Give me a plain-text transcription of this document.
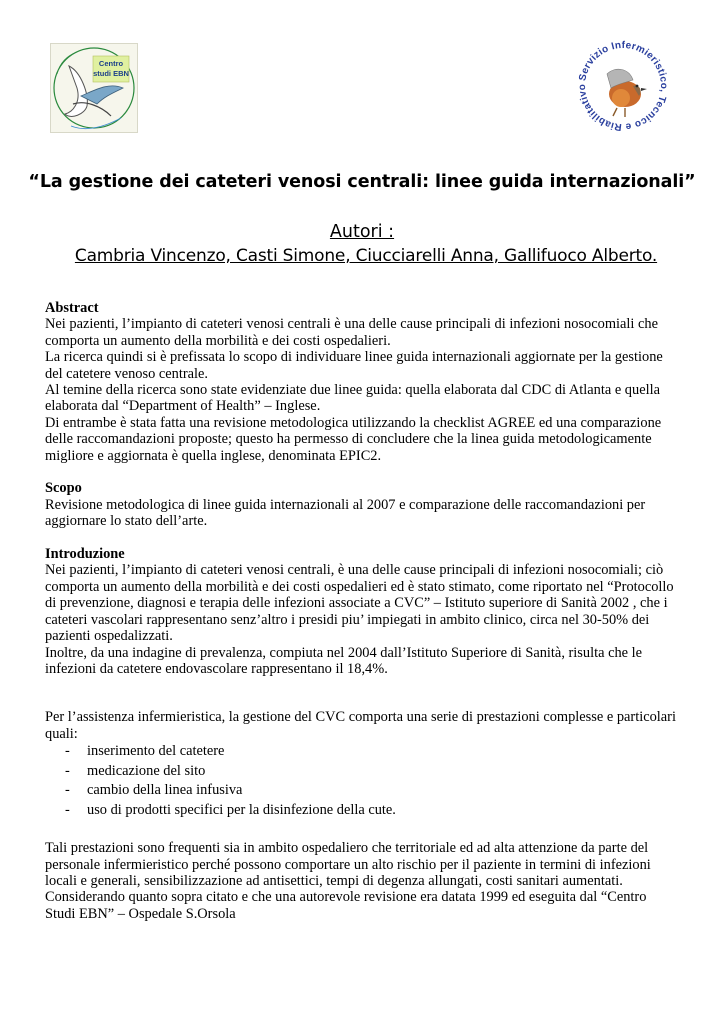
Centro
studi EBN	Servizio Infermieristico, Tecnico e Riabilitativo
“La gestione dei cateteri venosi centrali: linee guida internazionali”
Autori :
Cambria Vincenzo, Casti Simone, Ciucciarelli Anna, Gallifuoco Alberto.

Abstract

Nei pazienti, l’impianto di cateteri venosi centrali è una delle cause principali di infezioni nosocomiali che

comporta un aumento della morbilità e dei costi ospedalieri.

La ricerca quindi si è prefissata lo scopo di individuare linee guida internazionali aggiornate per la gestione

del catetere venoso centrale.

Al temine della ricerca sono state evidenziate due linee guida: quella elaborata dal CDC di Atlanta e quella

elaborata dal “Department of Health” – Inglese.

Di entrambe è stata fatta una revisione metodologica utilizzando la checklist AGREE ed una comparazione

delle raccomandazioni proposte; questo ha permesso di concludere che la linea guida metodologicamente

migliore e aggiornata è quella inglese, denominata EPIC2.

Scopo

Revisione metodologica di linee guida internazionali al 2007 e comparazione delle raccomandazioni per

aggiornare lo stato dell’arte.

Introduzione

Nei pazienti, l’impianto di cateteri venosi centrali, è una delle cause principali di infezioni nosocomiali; ciò

comporta un aumento della morbilità e dei costi ospedalieri ed è stato stimato, come riportato nel “Protocollo

di prevenzione, diagnosi e terapia delle infezioni associate a CVC” – Istituto superiore di Sanità 2002 , che i

cateteri vascolari rappresentano senz’altro i presidi piu’ impiegati in ambito clinico, circa nel 30-50% dei

pazienti ospedalizzati.

Inoltre, da una indagine di prevalenza, compiuta nel 2004 dall’Istituto Superiore di Sanità, risulta che le

infezioni da catetere endovascolare rappresentano il 18,4%.

Per l’assistenza infermieristica, la gestione del CVC comporta una serie di prestazioni complesse e particolari

quali:

- inserimento del catetere
- medicazione del sito
- cambio della linea infusiva
- uso di prodotti specifici per la disinfezione della cute.

Tali prestazioni sono frequenti sia in ambito ospedaliero che territoriale ed ad alta attenzione da parte del

personale infermieristico perché possono comportare un alto rischio per il paziente in termini di infezioni

locali e generali, sensibilizzazione ad antisettici, tempi di degenza allungati, costi sanitari aumentati.

Considerando quanto sopra citato e che una autorevole revisione era datata 1999 ed eseguita dal “Centro

Studi EBN” – Ospedale S.Orsola
